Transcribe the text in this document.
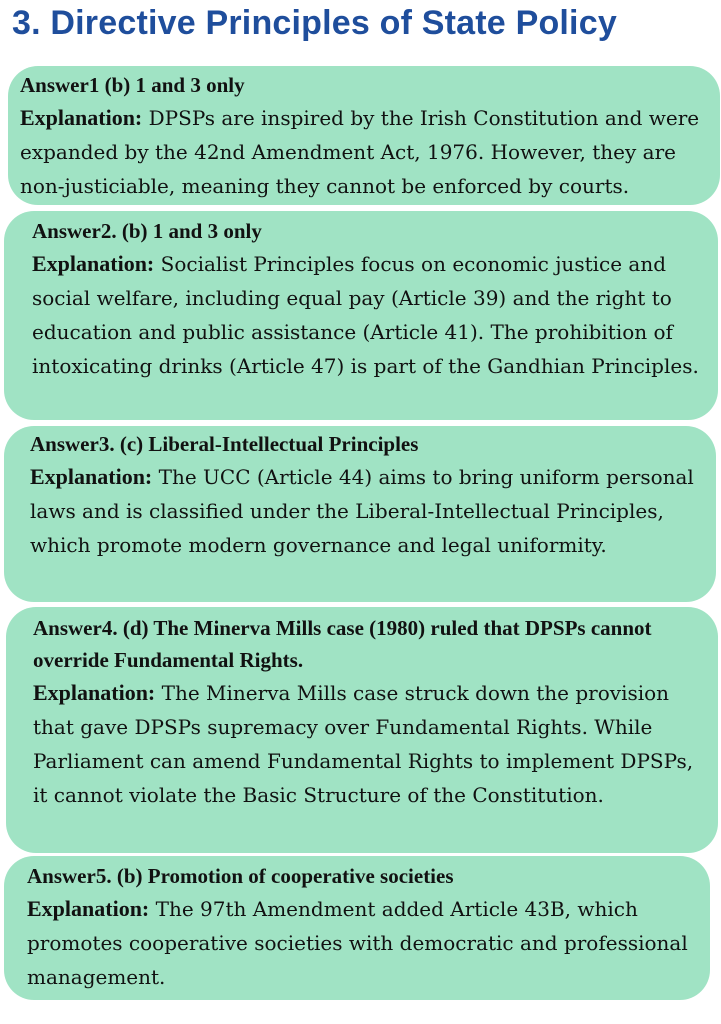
3. Directive Principles of State Policy

Answer1 (b) 1 and 3 only

Explanation: DPSPs are inspired by the Irish Constitution and were expanded by the 42nd Amendment Act, 1976. However, they are non-justiciable, meaning they cannot be enforced by courts.

Answer2. (b) 1 and 3 only

Explanation: Socialist Principles focus on economic justice and social welfare, including equal pay (Article 39) and the right to education and public assistance (Article 41). The prohibition of intoxicating drinks (Article 47) is part of the Gandhian Principles.

Answer3. (c) Liberal-Intellectual Principles

Explanation: The UCC (Article 44) aims to bring uniform personal laws and is classified under the Liberal-Intellectual Principles, which promote modern governance and legal uniformity.

Answer4. (d) The Minerva Mills case (1980) ruled that DPSPs cannot override Fundamental Rights.

Explanation: The Minerva Mills case struck down the provision that gave DPSPs supremacy over Fundamental Rights. While Parliament can amend Fundamental Rights to implement DPSPs, it cannot violate the Basic Structure of the Constitution.

Answer5. (b) Promotion of cooperative societies

Explanation: The 97th Amendment added Article 43B, which promotes cooperative societies with democratic and professional management.
